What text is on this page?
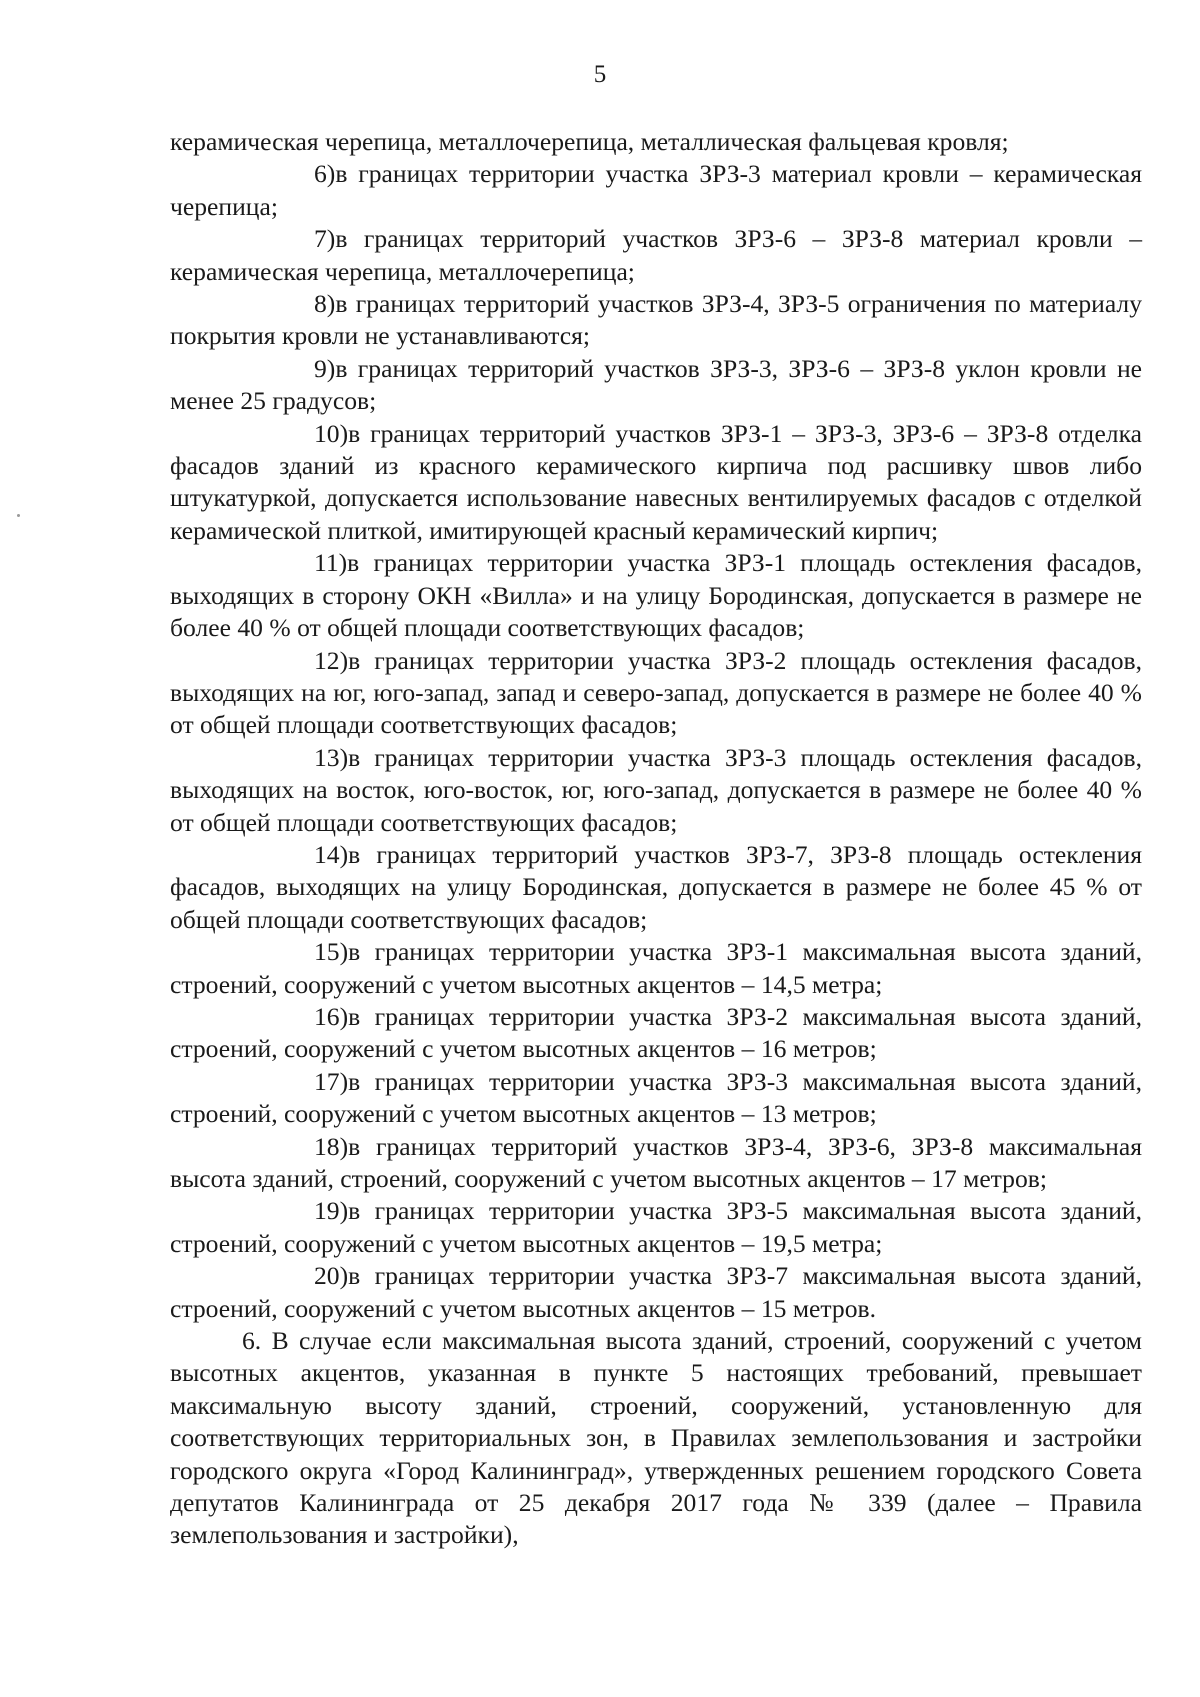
5

керамическая черепица, металлочерепица, металлическая фальцевая кровля;

6)в границах территории участка ЗРЗ-3 материал кровли – керамическая черепица;

7)в границах территорий участков ЗРЗ-6 – ЗРЗ-8 материал кровли – керамическая черепица, металлочерепица;

8)в границах территорий участков ЗРЗ-4, ЗРЗ-5 ограничения по материалу покрытия кровли не устанавливаются;

9)в границах территорий участков ЗРЗ-3, ЗРЗ-6 – ЗРЗ-8 уклон кровли не менее 25 градусов;

10)в границах территорий участков ЗРЗ-1 – ЗРЗ-3, ЗРЗ-6 – ЗРЗ-8 отделка фасадов зданий из красного керамического кирпича под расшивку швов либо штукатуркой, допускается использование навесных вентилируемых фасадов с отделкой керамической плиткой, имитирующей красный керамический кирпич;

11)в границах территории участка ЗРЗ-1 площадь остекления фасадов, выходящих в сторону ОКН «Вилла» и на улицу Бородинская, допускается в размере не более 40 % от общей площади соответствующих фасадов;

12)в границах территории участка ЗРЗ-2 площадь остекления фасадов, выходящих на юг, юго-запад, запад и северо-запад, допускается в размере не более 40 % от общей площади соответствующих фасадов;

13)в границах территории участка ЗРЗ-3 площадь остекления фасадов, выходящих на восток, юго-восток, юг, юго-запад, допускается в размере не более 40 % от общей площади соответствующих фасадов;

14)в границах территорий участков ЗРЗ-7, ЗРЗ-8 площадь остекления фасадов, выходящих на улицу Бородинская, допускается в размере не более 45 % от общей площади соответствующих фасадов;

15)в границах территории участка ЗРЗ-1 максимальная высота зданий, строений, сооружений с учетом высотных акцентов – 14,5 метра;

16)в границах территории участка ЗРЗ-2 максимальная высота зданий, строений, сооружений с учетом высотных акцентов – 16 метров;

17)в границах территории участка ЗРЗ-3 максимальная высота зданий, строений, сооружений с учетом высотных акцентов – 13 метров;

18)в границах территорий участков ЗРЗ-4, ЗРЗ-6, ЗРЗ-8 максимальная высота зданий, строений, сооружений с учетом высотных акцентов – 17 метров;

19)в границах территории участка ЗРЗ-5 максимальная высота зданий, строений, сооружений с учетом высотных акцентов – 19,5 метра;

20)в границах территории участка ЗРЗ-7 максимальная высота зданий, строений, сооружений с учетом высотных акцентов – 15 метров.

6. В случае если максимальная высота зданий, строений, сооружений с учетом высотных акцентов, указанная в пункте 5 настоящих требований, превышает максимальную высоту зданий, строений, сооружений, установленную для соответствующих территориальных зон, в Правилах землепользования и застройки городского округа «Город Калининград», утвержденных решением городского Совета депутатов Калининграда от 25 декабря 2017 года № 339 (далее – Правила землепользования и застройки),
